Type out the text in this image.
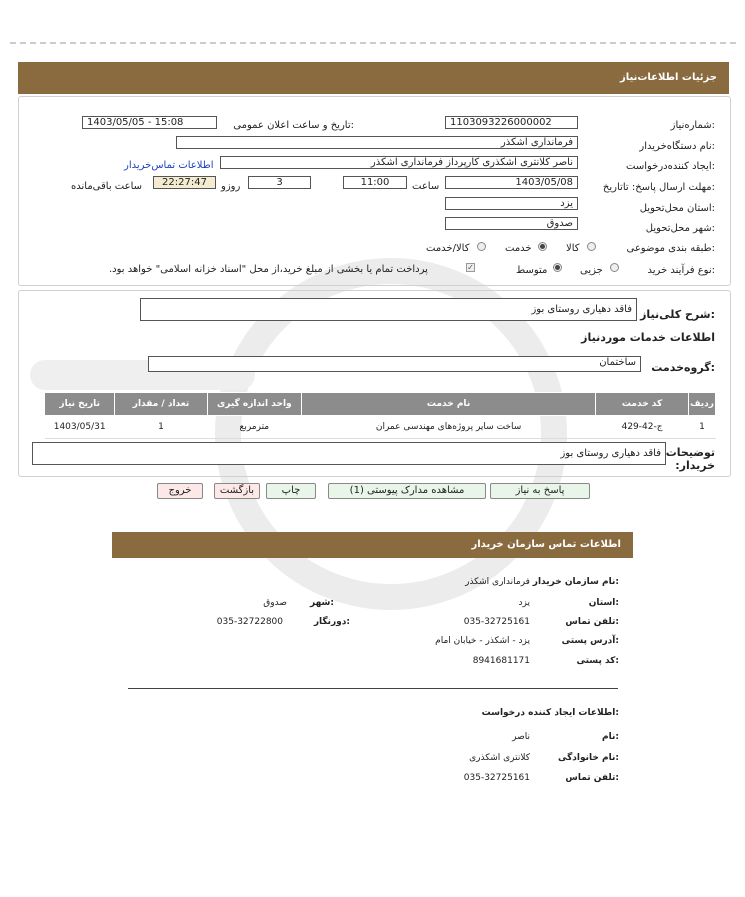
جزئیات اطلاعات‌نیاز
شماره‌نیاز:
1103093226000002
تاریخ و ساعت اعلان عمومی:
1403/05/05 - 15:08
نام دستگاه‌خریدار:
فرمانداری اشکذر
ایجاد کننده‌درخواست:
ناصر کلانتری اشکذری کارپرداز فرمانداری اشکذر
اطلاعات تماس‌خریدار
مهلت ارسال پاسخ: تاتاریخ:
1403/05/08
ساعت
11:00
3
روزو
22:27:47
ساعت باقی‌مانده
استان محل‌تحویل:
یزد
شهر محل‌تحویل:
صدوق
طبقه بندی موضوعی:
کالا
خدمت
کالا/خدمت
نوع فرآیند خرید:
جزیی
متوسط
✓
پرداخت تمام یا بخشی از مبلغ خرید،از محل "اسناد خزانه اسلامی" خواهد بود.
شرح کلی‌نیاز:
فاقد دهیاری روستای بوز
اطلاعات خدمات موردنیاز
گروه‌خدمت:
ساختمان
ردیف	کد خدمت	نام خدمت	واحد اندازه گیری	تعداد / مقدار	تاریخ نیاز
1	ج-42-429	ساخت سایر پروژه‌های مهندسی عمران	مترمربع	1	1403/05/31
توضیحات خریدار:
فاقد دهیاری روستای بوز
پاسخ به نیاز
مشاهده مدارک پیوستی (1)
چاپ
بازگشت
خروج
اطلاعات تماس سازمان خریدار
نام سازمان خریدار:
فرمانداری اشکذر
استان:
یزد
شهر:
صدوق
تلفن تماس:
035-32725161
دورنگار:
035-32722800
آدرس پستی:
یزد - اشکذر - خیابان امام
کد پستی:
8941681171
اطلاعات ایجاد کننده درخواست:
نام:
ناصر
نام خانوادگی:
کلانتری اشکذری
تلفن تماس:
035-32725161
